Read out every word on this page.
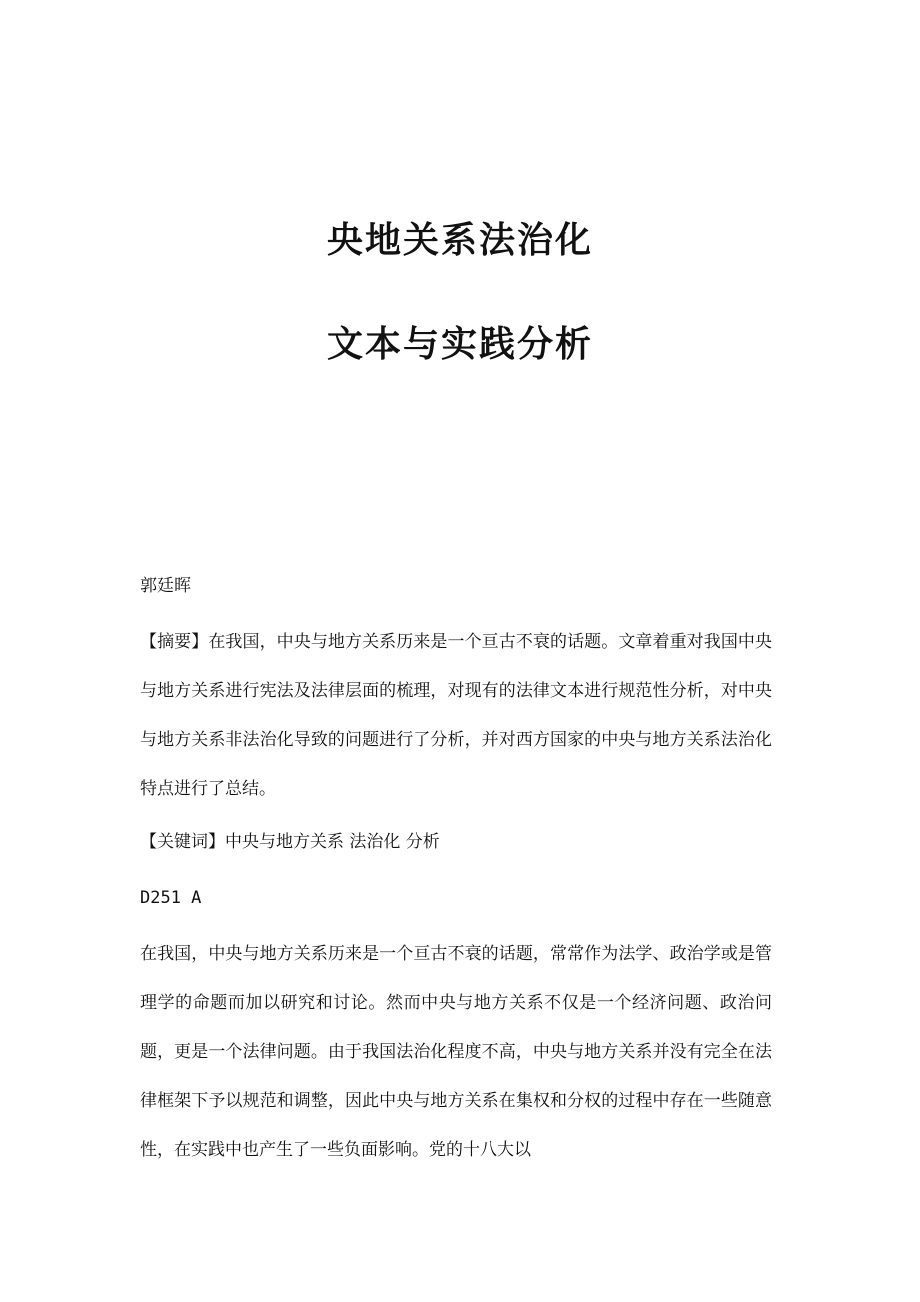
央地关系法治化
文本与实践分析

郭廷晖

【摘要】在我国，中央与地方关系历来是一个亘古不衰的话题。文章着重对我国中央与地方关系进行宪法及法律层面的梳理，对现有的法律文本进行规范性分析，对中央与地方关系非法治化导致的问题进行了分析，并对西方国家的中央与地方关系法治化特点进行了总结。

【关键词】中央与地方关系 法治化 分析

D251 A

在我国，中央与地方关系历来是一个亘古不衰的话题，常常作为法学、政治学或是管理学的命题而加以研究和讨论。然而中央与地方关系不仅是一个经济问题、政治问题，更是一个法律问题。由于我国法治化程度不高，中央与地方关系并没有完全在法律框架下予以规范和调整，因此中央与地方关系在集权和分权的过程中存在一些随意性，在实践中也产生了一些负面影响。党的十八大以
